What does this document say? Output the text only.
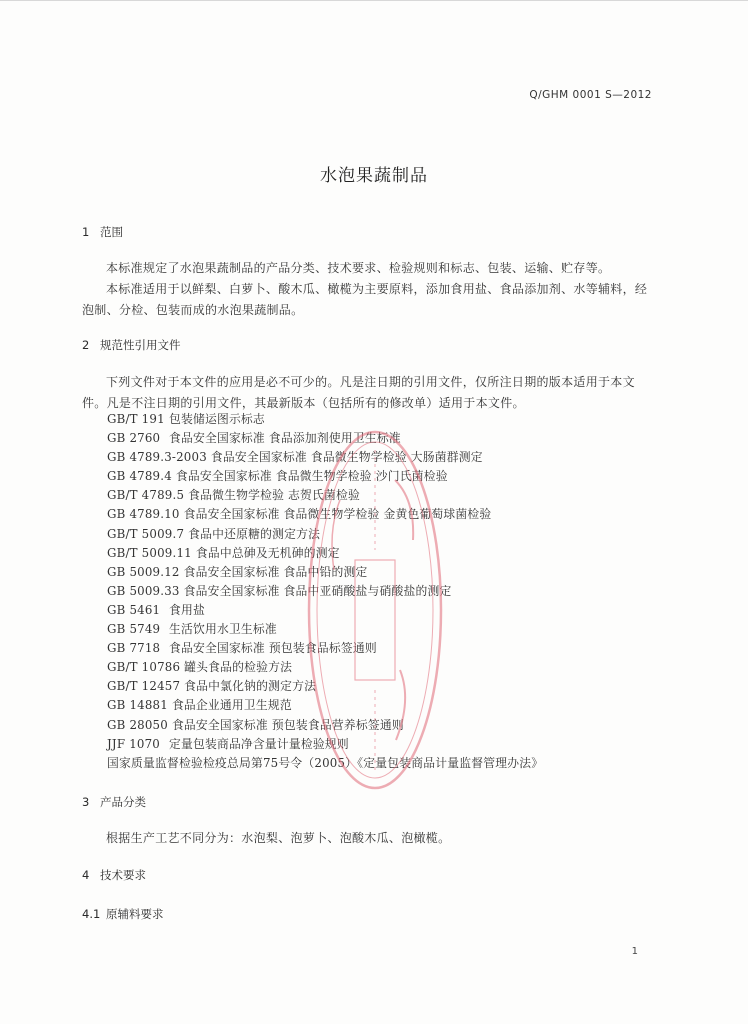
Q/GHM 0001 S—2012
水泡果蔬制品
1 范围
本标准规定了水泡果蔬制品的产品分类、技术要求、检验规则和标志、包装、运输、贮存等。
本标准适用于以鲜梨、白萝卜、酸木瓜、橄榄为主要原料，添加食用盐、食品添加剂、水等辅料，经泡制、分检、包装而成的水泡果蔬制品。
2 规范性引用文件
下列文件对于本文件的应用是必不可少的。凡是注日期的引用文件，仅所注日期的版本适用于本文件。凡是不注日期的引用文件，其最新版本（包括所有的修改单）适用于本文件。
GB/T 191 包装储运图示标志
GB 2760 食品安全国家标准 食品添加剂使用卫生标准
GB 4789.3-2003 食品安全国家标准 食品微生物学检验 大肠菌群测定
GB 4789.4 食品安全国家标准 食品微生物学检验 沙门氏菌检验
GB/T 4789.5 食品微生物学检验 志贺氏菌检验
GB 4789.10 食品安全国家标准 食品微生物学检验 金黄色葡萄球菌检验
GB/T 5009.7 食品中还原糖的测定方法
GB/T 5009.11 食品中总砷及无机砷的测定
GB 5009.12 食品安全国家标准 食品中铅的测定
GB 5009.33 食品安全国家标准 食品中亚硝酸盐与硝酸盐的测定
GB 5461 食用盐
GB 5749 生活饮用水卫生标准
GB 7718 食品安全国家标准 预包装食品标签通则
GB/T 10786 罐头食品的检验方法
GB/T 12457 食品中氯化钠的测定方法
GB 14881 食品企业通用卫生规范
GB 28050 食品安全国家标准 预包装食品营养标签通则
JJF 1070 定量包装商品净含量计量检验规则
国家质量监督检验检疫总局第75号令（2005）《定量包装商品计量监督管理办法》
3 产品分类
根据生产工艺不同分为：水泡梨、泡萝卜、泡酸木瓜、泡橄榄。
4 技术要求
4.1 原辅料要求
1
